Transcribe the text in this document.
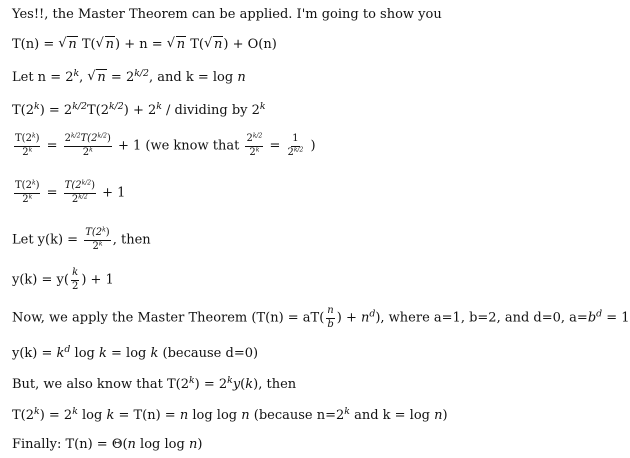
Yes!!, the Master Theorem can be applied. I'm going to show you
T(n) = √ n T( √ n) + n = √ n T( √ n) + O(n)
Let $n = 2^k$, √ $n = 2^{k/2}$, and k = log n
$T(2^k) = 2^{k/2}T(2^{k/2}) + 2^k$ / dividing by 2$^k$
$\frac{T(2^k)}{2^k} = \frac{2^{k/2}T(2^{k/2})}{2^k} + 1$ (we know that $\frac{2^{k/2}}{2^k} = \frac{1}{2^{k/2}}$ )
$\frac{T(2^k)}{2^k} = \frac{T(2^{k/2})}{2^{k/2}} + 1$
Let $y(k) = \frac{T(2^k)}{2^k}$ , then
$y(k) = y( \frac{k}{2}$ ) + 1
Now, we apply the Master Theorem ($T(n) = aT( \frac{n}{b}$ ) + $n^d$), where a=1, b=2, and d=0, $a=b^d = 1$
$y(k) = k^d$ log k = log k (because d=0)
But, we also know that $T(2^k) = 2^ky(k)$, then
$T(2^k) = 2^k$ log k = T(n) = n log log n (because $n=2^k$ and k = log n)
Finally: T(n) = Θ(n log log n)
